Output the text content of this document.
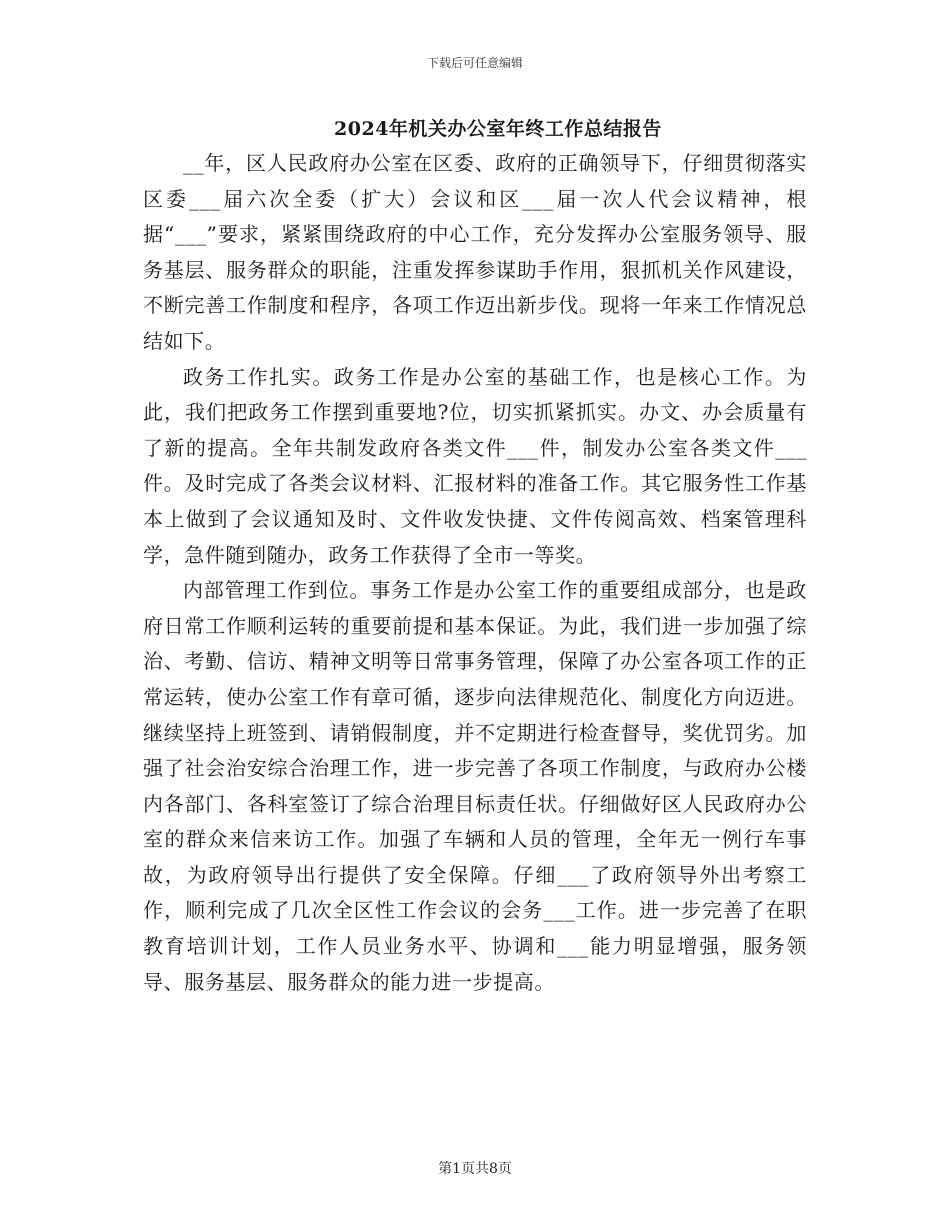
下载后可任意编辑
2024年机关办公室年终工作总结报告

__年，区人民政府办公室在区委、政府的正确领导下，仔细贯彻落实区委___届六次全委（扩大）会议和区___届一次人代会议精神，根据“___”要求，紧紧围绕政府的中心工作，充分发挥办公室服务领导、服务基层、服务群众的职能，注重发挥参谋助手作用，狠抓机关作风建设，不断完善工作制度和程序，各项工作迈出新步伐。现将一年来工作情况总结如下。

政务工作扎实。政务工作是办公室的基础工作，也是核心工作。为此，我们把政务工作摆到重要地?位，切实抓紧抓实。办文、办会质量有了新的提高。全年共制发政府各类文件___件，制发办公室各类文件___件。及时完成了各类会议材料、汇报材料的准备工作。其它服务性工作基本上做到了会议通知及时、文件收发快捷、文件传阅高效、档案管理科学，急件随到随办，政务工作获得了全市一等奖。

内部管理工作到位。事务工作是办公室工作的重要组成部分，也是政府日常工作顺利运转的重要前提和基本保证。为此，我们进一步加强了综治、考勤、信访、精神文明等日常事务管理，保障了办公室各项工作的正常运转，使办公室工作有章可循，逐步向法律规范化、制度化方向迈进。继续坚持上班签到、请销假制度，并不定期进行检查督导，奖优罚劣。加强了社会治安综合治理工作，进一步完善了各项工作制度，与政府办公楼内各部门、各科室签订了综合治理目标责任状。仔细做好区人民政府办公室的群众来信来访工作。加强了车辆和人员的管理，全年无一例行车事故，为政府领导出行提供了安全保障。仔细___了政府领导外出考察工作，顺利完成了几次全区性工作会议的会务___工作。进一步完善了在职教育培训计划，工作人员业务水平、协调和___能力明显增强，服务领导、服务基层、服务群众的能力进一步提高。

第1页共8页
